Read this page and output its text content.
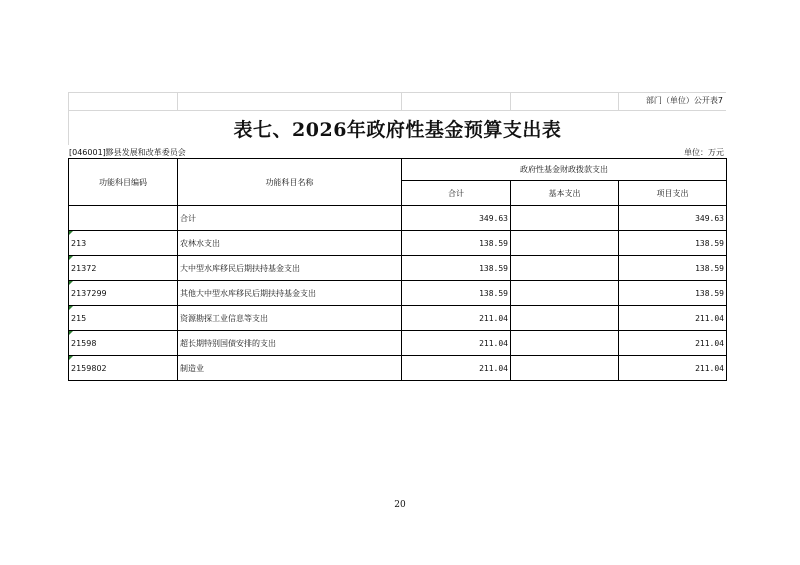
部门（单位）公开表7
表七、2026年政府性基金预算支出表
[046001]黟县发展和改革委员会	单位：万元
功能科目编码	功能科目名称	政府性基金财政拨款支出		
		合计	基本支出	项目支出
	合计	349.63		349.63
213	农林水支出	138.59		138.59
21372	大中型水库移民后期扶持基金支出	138.59		138.59
2137299	其他大中型水库移民后期扶持基金支出	138.59		138.59
215	资源勘探工业信息等支出	211.04		211.04
21598	超长期特别国债安排的支出	211.04		211.04
2159802	制造业	211.04		211.04
20
